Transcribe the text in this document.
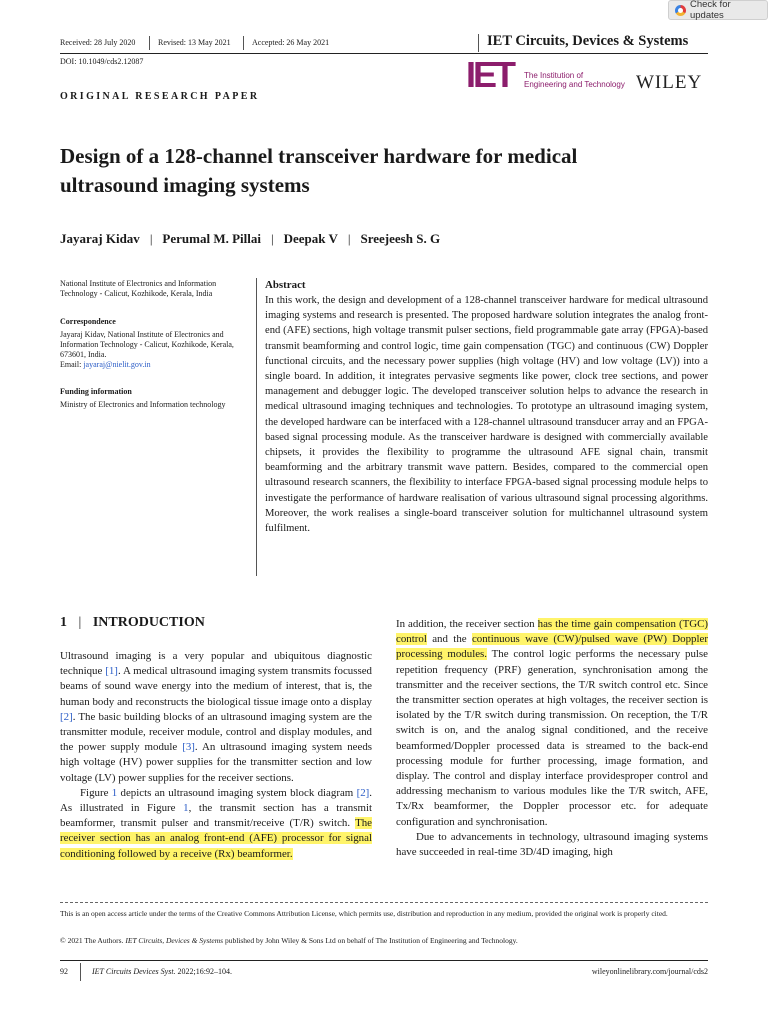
Check for updates
Received: 28 July 2020	Revised: 13 May 2021	Accepted: 26 May 2021	IET Circuits, Devices & Systems
DOI: 10.1049/cds2.12087	IET The Institution of
Engineering and Technology WILEY
ORIGINAL RESEARCH PAPER
Design of a 128-channel transceiver hardware for medical
ultrasound imaging systems
Jayaraj Kidav | Perumal M. Pillai | Deepak V | Sreejeesh S. G
National Institute of Electronics and Information Technology - Calicut, Kozhikode, Kerala, India
Correspondence
Jayaraj Kidav, National Institute of Electronics and Information Technology - Calicut, Kozhikode, Kerala, 673601, India.
Email: jayaraj@nielit.gov.in
Funding information
Ministry of Electronics and Information technology
Abstract
In this work, the design and development of a 128-channel transceiver hardware for medical ultrasound imaging systems and research is presented. The proposed hardware solution integrates the analog front-end (AFE) sections, high voltage transmit pulser sections, field programmable gate array (FPGA)-based transmit beamforming and control logic, time gain compensation (TGC) and continuous (CW) Doppler functional circuits, and the necessary power supplies (high voltage (HV) and low voltage (LV)) into a single board. In addition, it integrates pervasive segments like power, clock tree sections, and power management and debugger logic. The developed transceiver solution helps to advance the research in medical ultrasound imaging techniques and technologies. To prototype an ultrasound imaging system, the developed hardware can be interfaced with a 128-channel ultrasound transducer array and an FPGA-based signal processing module. As the transceiver hardware is designed with commercially available chipsets, it provides the flexibility to programme the ultrasound AFE signal chain, transmit beamforming and the arbitrary transmit wave pattern. Besides, compared to the commercial open ultrasound research scanners, the flexibility to interface FPGA-based signal processing module helps to investigate the performance of hardware realisation of various ultrasound signal processing algorithms. Moreover, the work realises a single-board transceiver solution for multichannel ultrasound system fulfilment.
1 | INTRODUCTION
Ultrasound imaging is a very popular and ubiquitous diagnostic technique [1]. A medical ultrasound imaging system transmits focussed beams of sound wave energy into the medium of interest, that is, the human body and reconstructs the biological tissue image onto a display [2]. The basic building blocks of an ultrasound imaging system are the transmitter module, receiver module, control and display modules, and the power supply module [3]. An ultrasound imaging system needs high voltage (HV) power supplies for the transmitter section and low voltage (LV) power supplies for the receiver sections.
Figure 1 depicts an ultrasound imaging system block diagram [2]. As illustrated in Figure 1, the transmit section has a transmit beamformer, transmit pulser and transmit/receive (T/R) switch. The receiver section has an analog front-end (AFE) processor for signal conditioning followed by a receive (Rx) beamformer.
In addition, the receiver section has the time gain compensation (TGC) control and the continuous wave (CW)/pulsed wave (PW) Doppler processing modules. The control logic performs the necessary pulse repetition frequency (PRF) generation, synchronisation among the transmitter and the receiver sections, the T/R switch control etc. Since the transmitter section operates at high voltages, the receiver section is isolated by the T/R switch during transmission. On reception, the T/R switch is on, and the analog signal conditioned, and the receive beamformed/Doppler processed data is streamed to the back-end processing module for further processing, image formation, and display. The control and display interface providesproper control and addressing mechanism to various modules like the T/R switch, AFE, Tx/Rx beamformer, the Doppler processor etc. for adequate configuration and synchronisation.
Due to advancements in technology, ultrasound imaging systems have succeeded in real-time 3D/4D imaging, high
This is an open access article under the terms of the Creative Commons Attribution License, which permits use, distribution and reproduction in any medium, provided the original work is properly cited.
© 2021 The Authors. IET Circuits, Devices & Systems published by John Wiley & Sons Ltd on behalf of The Institution of Engineering and Technology.
92	IET Circuits Devices Syst. 2022;16:92–104.	wileyonlinelibrary.com/journal/cds2
